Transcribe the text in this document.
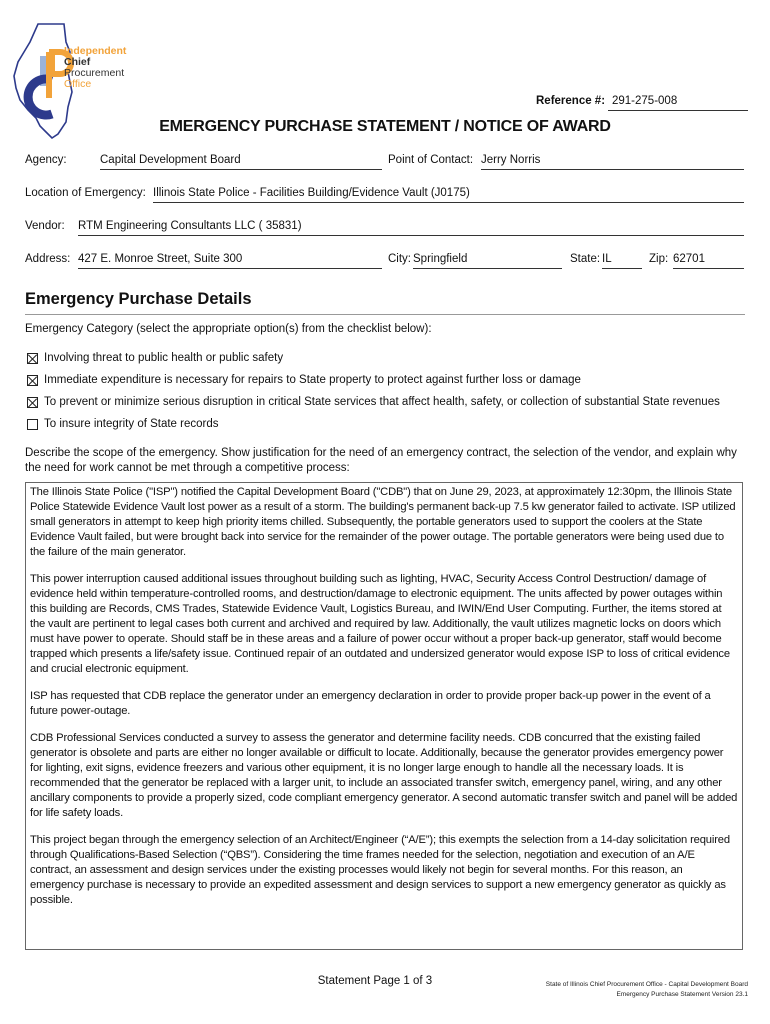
Independent
Chief
Procurement
Office
Reference #: 291-275-008
EMERGENCY PURCHASE STATEMENT / NOTICE OF AWARD
Agency:	Capital Development Board	Point of Contact: Jerry Norris
Location of Emergency: Illinois State Police - Facilities Building/Evidence Vault (J0175)
Vendor: RTM Engineering Consultants LLC ( 35831)
Address: 427 E. Monroe Street, Suite 300	City: Springfield	State: IL	Zip: 62701
Emergency Purchase Details
Emergency Category (select the appropriate option(s) from the checklist below):
Involving threat to public health or public safety
Immediate expenditure is necessary for repairs to State property to protect against further loss or damage
To prevent or minimize serious disruption in critical State services that affect health, safety, or collection of substantial State revenues
To insure integrity of State records
Describe the scope of the emergency. Show justification for the need of an emergency contract, the selection of the vendor, and explain why the need for work cannot be met through a competitive process:

The Illinois State Police ("ISP") notified the Capital Development Board ("CDB") that on June 29, 2023, at approximately 12:30pm, the Illinois State Police Statewide Evidence Vault lost power as a result of a storm. The building's permanent back-up 7.5 kw generator failed to activate. ISP utilized small generators in attempt to keep high priority items chilled. Subsequently, the portable generators used to support the coolers at the State Evidence Vault failed, but were brought back into service for the remainder of the power outage. The portable generators were being used due to the failure of the main generator.

This power interruption caused additional issues throughout building such as lighting, HVAC, Security Access Control Destruction/ damage of evidence held within temperature-controlled rooms, and destruction/damage to electronic equipment. The units affected by power outages within this building are Records, CMS Trades, Statewide Evidence Vault, Logistics Bureau, and IWIN/End User Computing. Further, the items stored at the vault are pertinent to legal cases both current and archived and required by law. Additionally, the vault utilizes magnetic locks on doors which must have power to operate. Should staff be in these areas and a failure of power occur without a proper back-up generator, staff would become trapped which presents a life/safety issue. Continued repair of an outdated and undersized generator would expose ISP to loss of critical evidence and crucial electronic equipment.

ISP has requested that CDB replace the generator under an emergency declaration in order to provide proper back-up power in the event of a future power-outage.

CDB Professional Services conducted a survey to assess the generator and determine facility needs. CDB concurred that the existing failed generator is obsolete and parts are either no longer available or difficult to locate. Additionally, because the generator provides emergency power for lighting, exit signs, evidence freezers and various other equipment, it is no longer large enough to handle all the necessary loads. It is recommended that the generator be replaced with a larger unit, to include an associated transfer switch, emergency panel, wiring, and any other ancillary components to provide a properly sized, code compliant emergency generator. A second automatic transfer switch and panel will be added for life safety loads.

This project began through the emergency selection of an Architect/Engineer (“A/E”); this exempts the selection from a 14-day solicitation required through Qualifications-Based Selection (“QBS”). Considering the time frames needed for the selection, negotiation and execution of an A/E contract, an assessment and design services under the existing processes would likely not begin for several months. For this reason, an emergency purchase is necessary to provide an expedited assessment and design services to support a new emergency generator as quickly as possible.

Statement Page 1 of 3	State of Illinois Chief Procurement Office - Capital Development Board
Emergency Purchase Statement Version 23.1
